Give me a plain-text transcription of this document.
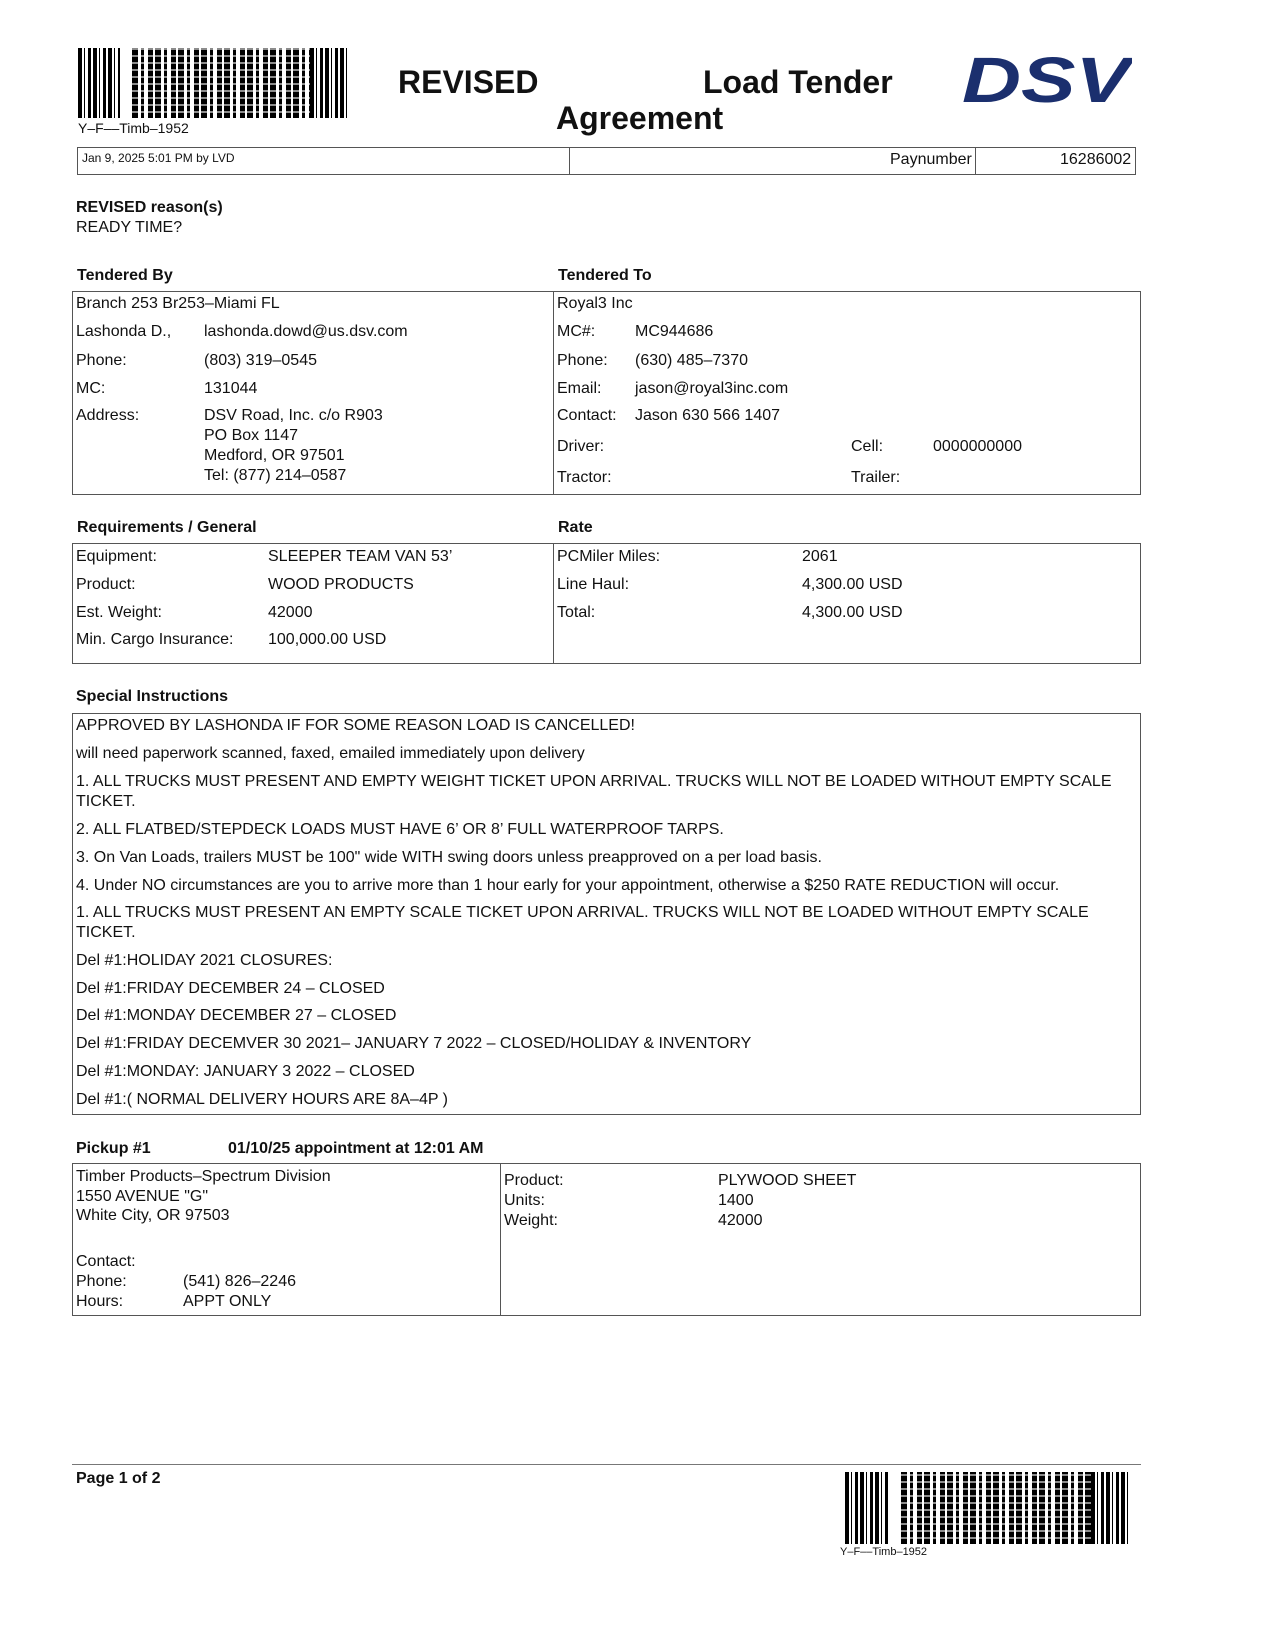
Y–F––Timb–1952
REVISED	Load Tender
Agreement
DSV
Jan 9, 2025 5:01 PM by LVD	Paynumber	16286002
REVISED reason(s)
READY TIME?
Tendered By	Tendered To
Branch 253 Br253–Miami FL
Lashonda D., lashonda.dowd@us.dsv.com
Phone:	(803) 319–0545
MC:	131044
Address:	DSV Road, Inc. c/o R903
PO Box 1147
Medford, OR 97501
Tel: (877) 214–0587
Royal3 Inc
MC#: MC944686
Phone: (630) 485–7370
Email: jason@royal3inc.com
Contact: Jason 630 566 1407
Driver:	Cell:	0000000000
Tractor:	Trailer:
Requirements / General	Rate
Equipment:	SLEEPER TEAM VAN 53’
Product:	WOOD PRODUCTS
Est. Weight:	42000
Min. Cargo Insurance: 100,000.00 USD
PCMiler Miles:	2061
Line Haul:	4,300.00 USD
Total:	4,300.00 USD
Special Instructions
APPROVED BY LASHONDA IF FOR SOME REASON LOAD IS CANCELLED!
will need paperwork scanned, faxed, emailed immediately upon delivery
1. ALL TRUCKS MUST PRESENT AND EMPTY WEIGHT TICKET UPON ARRIVAL. TRUCKS WILL NOT BE LOADED WITHOUT EMPTY SCALE
TICKET.
2. ALL FLATBED/STEPDECK LOADS MUST HAVE 6’ OR 8’ FULL WATERPROOF TARPS.
3. On Van Loads, trailers MUST be 100" wide WITH swing doors unless preapproved on a per load basis.
4. Under NO circumstances are you to arrive more than 1 hour early for your appointment, otherwise a $250 RATE REDUCTION will occur.
1. ALL TRUCKS MUST PRESENT AN EMPTY SCALE TICKET UPON ARRIVAL. TRUCKS WILL NOT BE LOADED WITHOUT EMPTY SCALE
TICKET.
Del #1:HOLIDAY 2021 CLOSURES:
Del #1:FRIDAY DECEMBER 24 – CLOSED
Del #1:MONDAY DECEMBER 27 – CLOSED
Del #1:FRIDAY DECEMVER 30 2021– JANUARY 7 2022 – CLOSED/HOLIDAY & INVENTORY
Del #1:MONDAY: JANUARY 3 2022 – CLOSED
Del #1:( NORMAL DELIVERY HOURS ARE 8A–4P )
Pickup #1	01/10/25 appointment at 12:01 AM
Timber Products–Spectrum Division
1550 AVENUE "G"
White City, OR 97503
Contact:
Phone:	(541) 826–2246
Hours:	APPT ONLY
Product:	PLYWOOD SHEET
Units:	1400
Weight:	42000
Page 1 of 2
Y–F––Timb–1952
